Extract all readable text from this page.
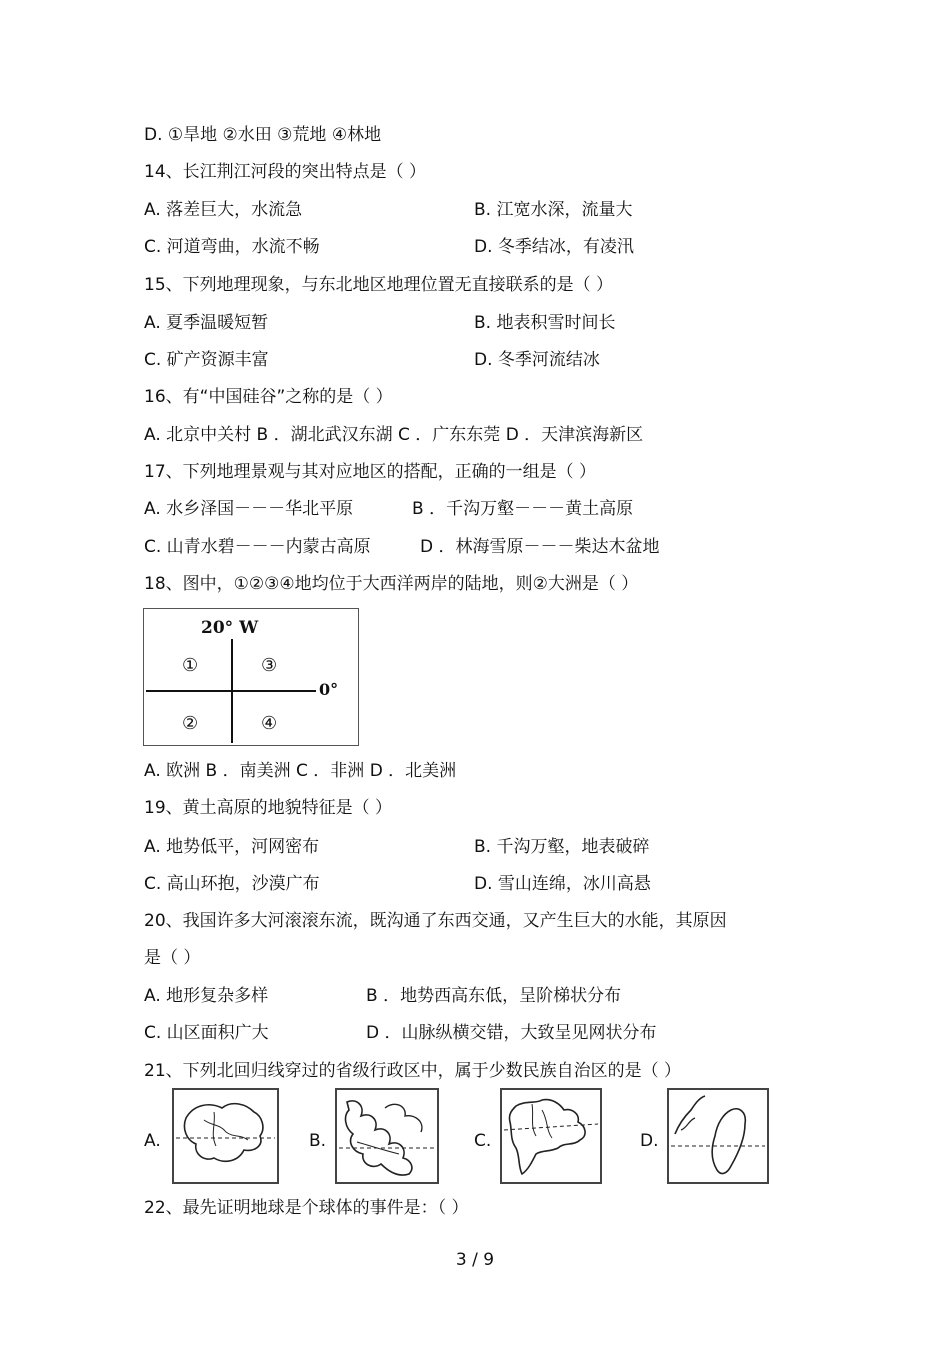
D. ①旱地 ②水田 ③荒地 ④林地
14、长江荆江河段的突出特点是（ ）
A. 落差巨大，水流急	B. 江宽水深，流量大
C. 河道弯曲，水流不畅	D. 冬季结冰，有凌汛
15、下列地理现象，与东北地区地理位置无直接联系的是（ ）
A. 夏季温暖短暂	B. 地表积雪时间长
C. 矿产资源丰富	D. 冬季河流结冰
16、有“中国硅谷”之称的是（ ）
A. 北京中关村 B ．湖北武汉东湖 C ．广东东莞 D ．天津滨海新区
17、下列地理景观与其对应地区的搭配，正确的一组是（ ）
A. 水乡泽国－－－华北平原	B ．千沟万壑－－－黄土高原
C. 山青水碧－－－内蒙古高原	D ．林海雪原－－－柴达木盆地
18、图中，①②③④地均位于大西洋两岸的陆地，则②大洲是（ ）
20° W
0°
①	③
②	④
A. 欧洲 B ．南美洲 C ．非洲 D ．北美洲
19、黄土高原的地貌特征是（ ）
A. 地势低平，河网密布	B. 千沟万壑，地表破碎
C. 高山环抱，沙漠广布	D. 雪山连绵，冰川高悬
20、我国许多大河滚滚东流，既沟通了东西交通，又产生巨大的水能，其原因
是（ ）
A. 地形复杂多样	B ．地势西高东低，呈阶梯状分布
C. 山区面积广大	D ．山脉纵横交错，大致呈见网状分布
21、下列北回归线穿过的省级行政区中，属于少数民族自治区的是（ ）
A.	B.	C.	D.
22、最先证明地球是个球体的事件是：（ ）
3 / 9
